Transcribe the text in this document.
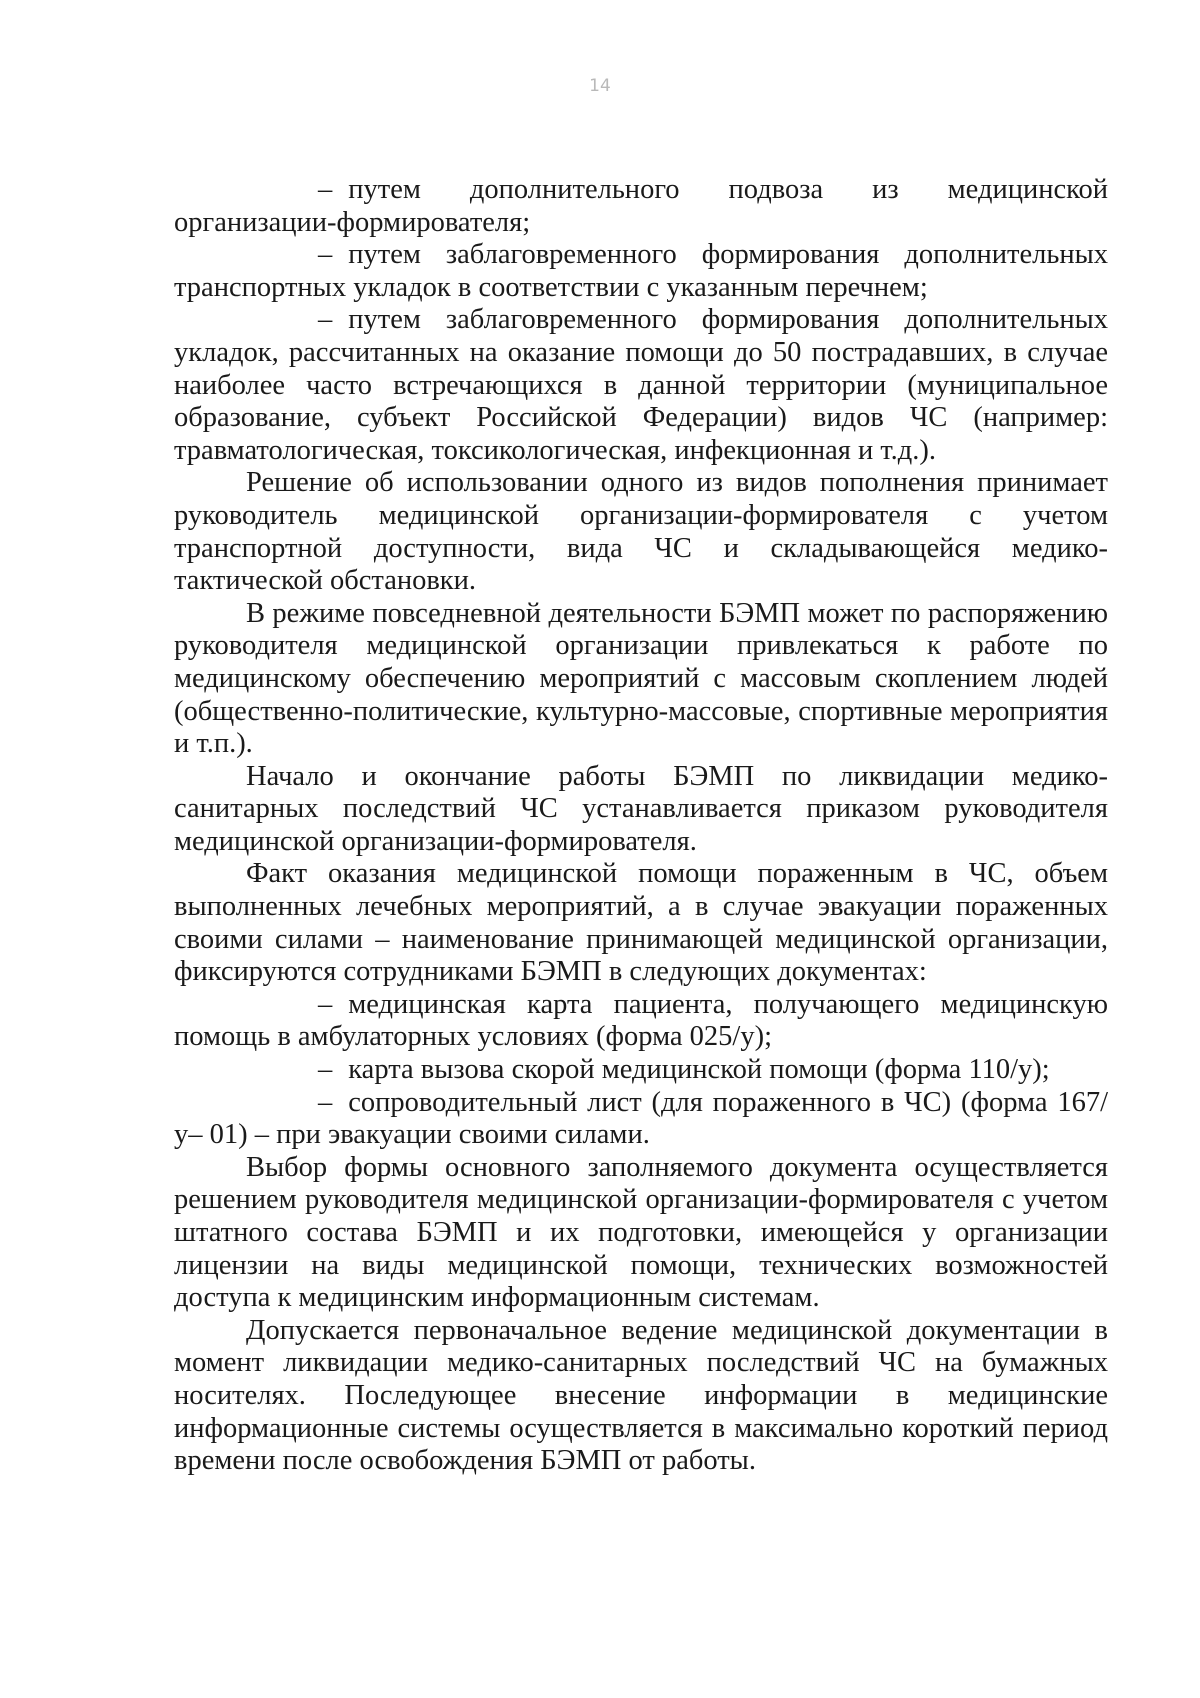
14

– путем дополнительного подвоза из медицинской организации-формирователя;

– путем заблаговременного формирования дополнительных транспортных укладок в соответствии с указанным перечнем;

– путем заблаговременного формирования дополнительных укладок, рассчитанных на оказание помощи до 50 пострадавших, в случае наиболее часто встречающихся в данной территории (муниципальное образование, субъект Российской Федерации) видов ЧС (например: травматологическая, токсикологическая, инфекционная и т.д.).

Решение об использовании одного из видов пополнения принимает руководитель медицинской организации-формирователя с учетом транспортной доступности, вида ЧС и складывающейся медико-тактической обстановки.

В режиме повседневной деятельности БЭМП может по распоряжению руководителя медицинской организации привлекаться к работе по медицинскому обеспечению мероприятий с массовым скоплением людей (общественно-политические, культурно-массовые, спортивные мероприятия и т.п.).

Начало и окончание работы БЭМП по ликвидации медико-санитарных последствий ЧС устанавливается приказом руководителя медицинской организации-формирователя.

Факт оказания медицинской помощи пораженным в ЧС, объем выполненных лечебных мероприятий, а в случае эвакуации пораженных своими силами – наименование принимающей медицинской организации, фиксируются сотрудниками БЭМП в следующих документах:

– медицинская карта пациента, получающего медицинскую помощь в амбулаторных условиях (форма 025/у);

– карта вызова скорой медицинской помощи (форма 110/у);

– сопроводительный лист (для пораженного в ЧС) (форма 167/у– 01) – при эвакуации своими силами.

Выбор формы основного заполняемого документа осуществляется решением руководителя медицинской организации-формирователя с учетом штатного состава БЭМП и их подготовки, имеющейся у организации лицензии на виды медицинской помощи, технических возможностей доступа к медицинским информационным системам.

Допускается первоначальное ведение медицинской документации в момент ликвидации медико-санитарных последствий ЧС на бумажных носителях. Последующее внесение информации в медицинские информационные системы осуществляется в максимально короткий период времени после освобождения БЭМП от работы.
